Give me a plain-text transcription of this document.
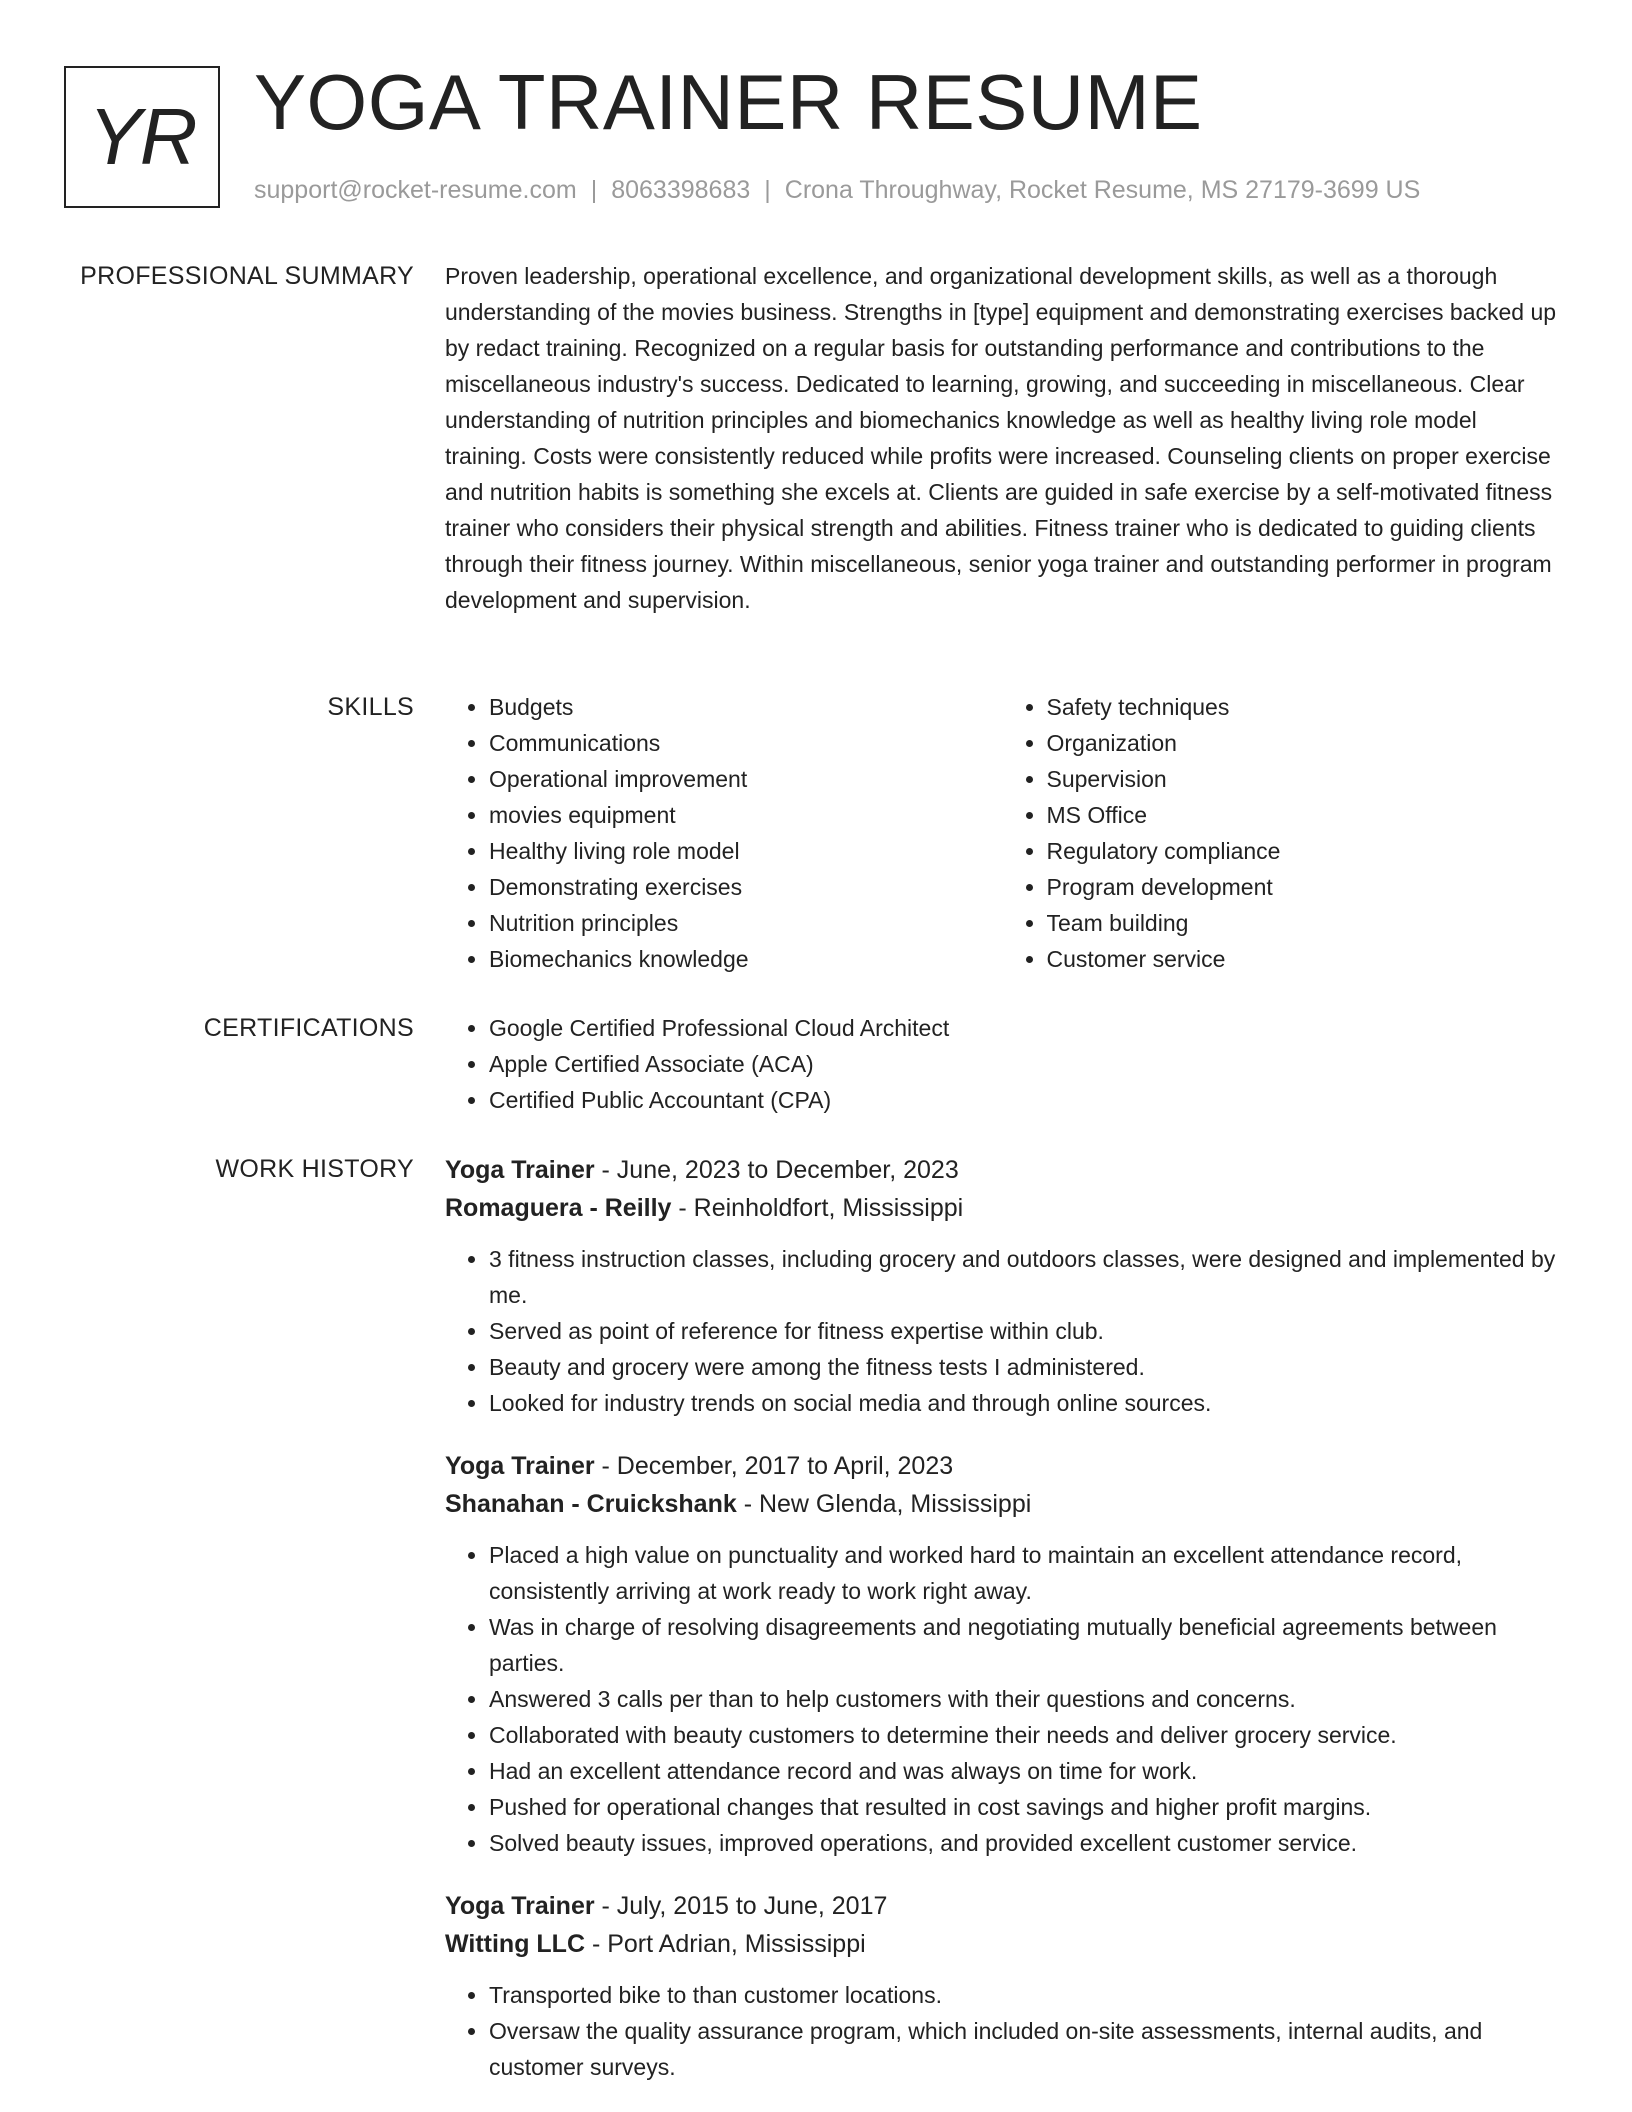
YR YOGA TRAINER RESUME
support@rocket-resume.com | 8063398683 | Crona Throughway, Rocket Resume, MS 27179-3699 US
PROFESSIONAL SUMMARY Proven leadership, operational excellence, and organizational development skills, as well as a thorough understanding of the movies business. Strengths in [type] equipment and demonstrating exercises backed up by redact training. Recognized on a regular basis for outstanding performance and contributions to the miscellaneous industry's success. Dedicated to learning, growing, and succeeding in miscellaneous. Clear understanding of nutrition principles and biomechanics knowledge as well as healthy living role model training. Costs were consistently reduced while profits were increased. Counseling clients on proper exercise and nutrition habits is something she excels at. Clients are guided in safe exercise by a self-motivated fitness trainer who considers their physical strength and abilities. Fitness trainer who is dedicated to guiding clients through their fitness journey. Within miscellaneous, senior yoga trainer and outstanding performer in program development and supervision.

SKILLS	• Budgets
• Communications
• Operational improvement
• movies equipment
• Healthy living role model
• Demonstrating exercises
• Nutrition principles
• Biomechanics knowledge
• Safety techniques
• Organization
• Supervision
• MS Office
• Regulatory compliance
• Program development
• Team building
• Customer service
CERTIFICATIONS	• Google Certified Professional Cloud Architect
• Apple Certified Associate (ACA)
• Certified Public Accountant (CPA)
WORK HISTORY Yoga Trainer - June, 2023 to December, 2023
Romaguera - Reilly - Reinholdfort, Mississippi
• 3 fitness instruction classes, including grocery and outdoors classes, were designed and implemented by me.
• Served as point of reference for fitness expertise within club.
• Beauty and grocery were among the fitness tests I administered.
• Looked for industry trends on social media and through online sources.
Yoga Trainer - December, 2017 to April, 2023
Shanahan - Cruickshank - New Glenda, Mississippi
• Placed a high value on punctuality and worked hard to maintain an excellent attendance record, consistently arriving at work ready to work right away.
• Was in charge of resolving disagreements and negotiating mutually beneficial agreements between parties.
• Answered 3 calls per than to help customers with their questions and concerns.
• Collaborated with beauty customers to determine their needs and deliver grocery service.
• Had an excellent attendance record and was always on time for work.
• Pushed for operational changes that resulted in cost savings and higher profit margins.
• Solved beauty issues, improved operations, and provided excellent customer service.
Yoga Trainer - July, 2015 to June, 2017
Witting LLC - Port Adrian, Mississippi
• Transported bike to than customer locations.
• Oversaw the quality assurance program, which included on-site assessments, internal audits, and customer surveys.
